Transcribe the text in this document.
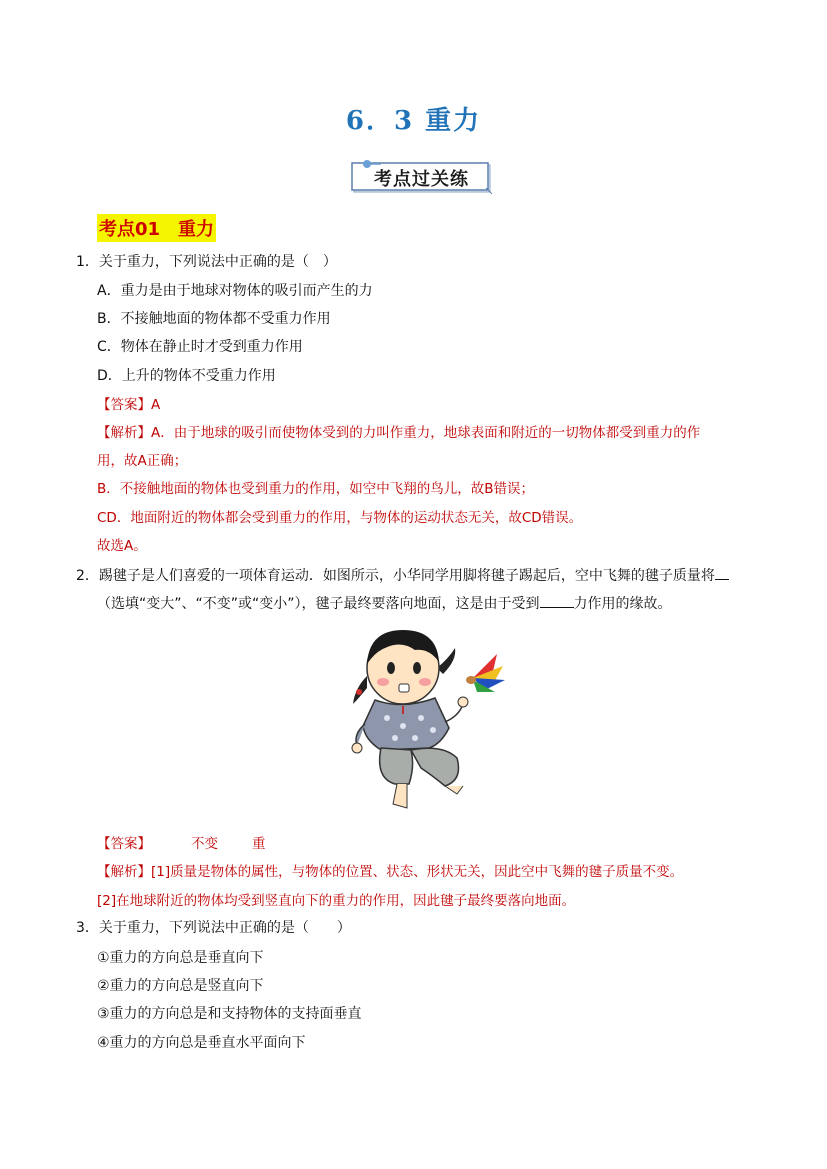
6．3 重力
考点过关练
考点01　重力
1．关于重力，下列说法中正确的是（　）
A．重力是由于地球对物体的吸引而产生的力
B．不接触地面的物体都不受重力作用
C．物体在静止时才受到重力作用
D．上升的物体不受重力作用
【答案】A
【解析】A．由于地球的吸引而使物体受到的力叫作重力，地球表面和附近的一切物体都受到重力的作
用，故A正确；
B．不接触地面的物体也受到重力的作用，如空中飞翔的鸟儿，故B错误；
CD．地面附近的物体都会受到重力的作用，与物体的运动状态无关，故CD错误。
故选A。
2．踢毽子是人们喜爱的一项体育运动．如图所示，小华同学用脚将毽子踢起后，空中飞舞的毽子质量将
（选填“变大”、“不变”或“变小”），毽子最终要落向地面，这是由于受到 力作用的缘故。
【答案】	不变	重
【解析】[1]质量是物体的属性，与物体的位置、状态、形状无关，因此空中飞舞的毽子质量不变。
[2]在地球附近的物体均受到竖直向下的重力的作用，因此毽子最终要落向地面。
3．关于重力，下列说法中正确的是（　　）
①重力的方向总是垂直向下
②重力的方向总是竖直向下
③重力的方向总是和支持物体的支持面垂直
④重力的方向总是垂直水平面向下
